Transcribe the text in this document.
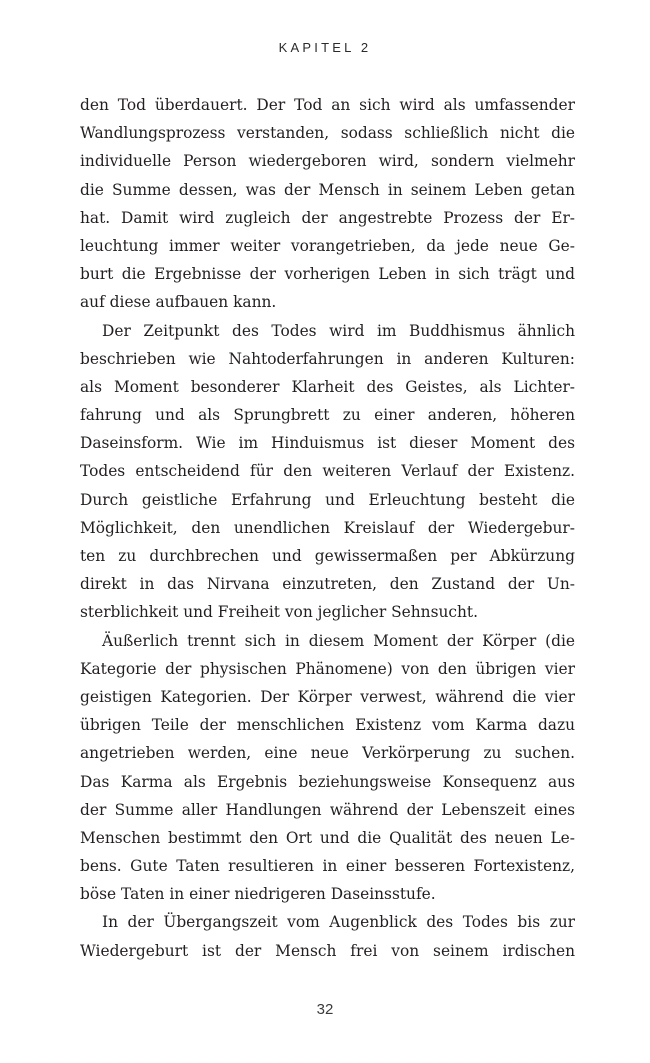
KAPITEL 2
den Tod überdauert. Der Tod an sich wird als umfassender
Wandlungsprozess verstanden, sodass schließlich nicht die
individuelle Person wiedergeboren wird, sondern vielmehr
die Summe dessen, was der Mensch in seinem Leben getan
hat. Damit wird zugleich der angestrebte Prozess der Er-
leuchtung immer weiter vorangetrieben, da jede neue Ge-
burt die Ergebnisse der vorherigen Leben in sich trägt und
auf diese aufbauen kann.
Der Zeitpunkt des Todes wird im Buddhismus ähnlich
beschrieben wie Nahtoderfahrungen in anderen Kulturen:
als Moment besonderer Klarheit des Geistes, als Lichter-
fahrung und als Sprungbrett zu einer anderen, höheren
Daseinsform. Wie im Hinduismus ist dieser Moment des
Todes entscheidend für den weiteren Verlauf der Existenz.
Durch geistliche Erfahrung und Erleuchtung besteht die
Möglichkeit, den unendlichen Kreislauf der Wiedergebur-
ten zu durchbrechen und gewissermaßen per Abkürzung
direkt in das Nirvana einzutreten, den Zustand der Un-
sterblichkeit und Freiheit von jeglicher Sehnsucht.
Äußerlich trennt sich in diesem Moment der Körper (die
Kategorie der physischen Phänomene) von den übrigen vier
geistigen Kategorien. Der Körper verwest, während die vier
übrigen Teile der menschlichen Existenz vom Karma dazu
angetrieben werden, eine neue Verkörperung zu suchen.
Das Karma als Ergebnis beziehungsweise Konsequenz aus
der Summe aller Handlungen während der Lebenszeit eines
Menschen bestimmt den Ort und die Qualität des neuen Le-
bens. Gute Taten resultieren in einer besseren Fortexistenz,
böse Taten in einer niedrigeren Daseinsstufe.
In der Übergangszeit vom Augenblick des Todes bis zur
Wiedergeburt ist der Mensch frei von seinem irdischen
32
